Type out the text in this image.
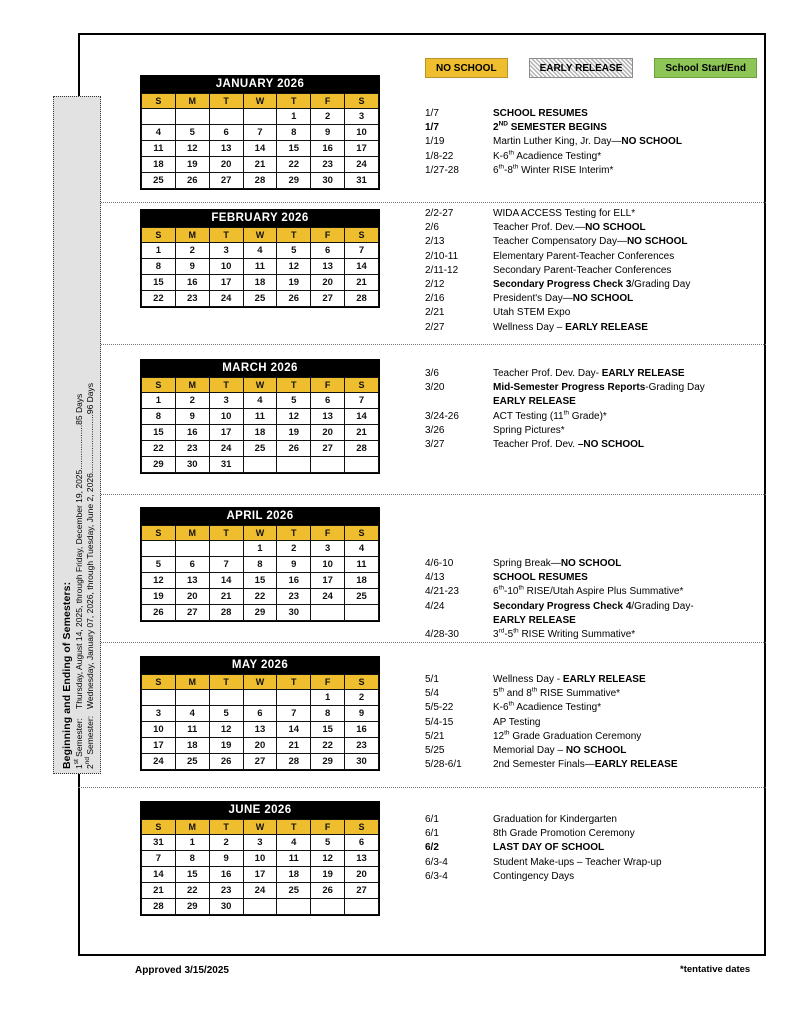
Beginning and Ending of Semesters: 1st Semester:
Thursday, August 14, 2025, through Friday, December 19, 2025...................
85 Days
2nd Semester:
Wednesday, January 07, 2026, through Tuesday, June 2, 2026.........................
96 Days
NO SCHOOL	EARLY RELEASE	School Start/End
JANUARY 2026
S	M	T	W	T	F	S
				1	2	3
4	5	6	7	8	9	10
11	12	13	14	15	16	17
18	19	20	21	22	23	24
25	26	27	28	29	30	31
1/7	SCHOOL RESUMES
1/7	2ND SEMESTER BEGINS
1/19	Martin Luther King, Jr. Day—NO SCHOOL
1/8-22	K-6th Acadience Testing*
1/27-28	6th-8th Winter RISE Interim*
FEBRUARY 2026
S	M	T	W	T	F	S
1	2	3	4	5	6	7
8	9	10	11	12	13	14
15	16	17	18	19	20	21
22	23	24	25	26	27	28
2/2-27	WIDA ACCESS Testing for ELL*
2/6	Teacher Prof. Dev.—NO SCHOOL
2/13	Teacher Compensatory Day—NO SCHOOL
2/10-11	Elementary Parent-Teacher Conferences
2/11-12	Secondary Parent-Teacher Conferences
2/12	Secondary Progress Check 3/Grading Day
2/16	President's Day—NO SCHOOL
2/21	Utah STEM Expo
2/27	Wellness Day – EARLY RELEASE
MARCH 2026
S	M	T	W	T	F	S
1	2	3	4	5	6	7
8	9	10	11	12	13	14
15	16	17	18	19	20	21
22	23	24	25	26	27	28
29	30	31				
3/6	Teacher Prof. Dev. Day- EARLY RELEASE
3/20	Mid-Semester Progress Reports-Grading Day
EARLY RELEASE
3/24-26	ACT Testing (11th Grade)*
3/26	Spring Pictures*
3/27	Teacher Prof. Dev. –NO SCHOOL
APRIL 2026
S	M	T	W	T	F	S
			1	2	3	4
5	6	7	8	9	10	11
12	13	14	15	16	17	18
19	20	21	22	23	24	25
26	27	28	29	30		
4/6-10	Spring Break—NO SCHOOL
4/13	SCHOOL RESUMES
4/21-23	6th-10th RISE/Utah Aspire Plus Summative*
4/24	Secondary Progress Check 4/Grading Day-
EARLY RELEASE
4/28-30	3rd-5th RISE Writing Summative*
MAY 2026
S	M	T	W	T	F	S
					1	2
3	4	5	6	7	8	9
10	11	12	13	14	15	16
17	18	19	20	21	22	23
24	25	26	27	28	29	30
5/1	Wellness Day - EARLY RELEASE
5/4	5th and 8th RISE Summative*
5/5-22	K-6th Acadience Testing*
5/4-15	AP Testing
5/21	12th Grade Graduation Ceremony
5/25	Memorial Day – NO SCHOOL
5/28-6/1	2nd Semester Finals—EARLY RELEASE
JUNE 2026
S	M	T	W	T	F	S
31	1	2	3	4	5	6
7	8	9	10	11	12	13
14	15	16	17	18	19	20
21	22	23	24	25	26	27
28	29	30				
6/1	Graduation for Kindergarten
6/1	8th Grade Promotion Ceremony
6/2	LAST DAY OF SCHOOL
6/3-4	Student Make-ups – Teacher Wrap-up
6/3-4	Contingency Days
Approved 3/15/2025	*tentative dates
